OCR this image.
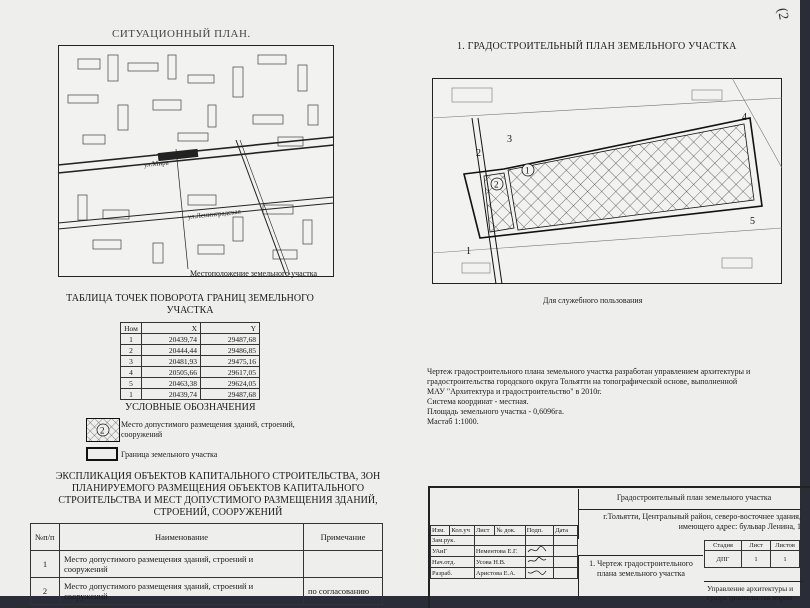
СИТУАЦИОННЫЙ ПЛАН.
ул.Мира
ул.Ленинградская
Местоположение земельного участка
1. ГРАДОСТРОИТЕЛЬНЫЙ ПЛАН ЗЕМЕЛЬНОГО УЧАСТКА
1
2
3
4
5
1
2
Для служебного пользования
ТАБЛИЦА ТОЧЕК ПОВОРОТА ГРАНИЦ ЗЕМЕЛЬНОГО УЧАСТКА
Ном	X	Y
1	20439,74	29487,68
2	20444,44	29486,85
3	20481,93	29475,16
4	20505,66	29617,05
5	20463,38	29624,05
1	20439,74	29487,68
УСЛОВНЫЕ ОБОЗНАЧЕНИЯ
2
Место допустимого размещения зданий, строений, сооружений
Граница земельного участка
Чертеж градостроительного плана земельного участка разработан управлением архитектуры и
градостроительства городского округа Тольятти на топографической основе, выполненной
МАУ "Архитектура и градостроительство" в 2010г.
Система координат - местная.
Площадь земельного участка - 0,6096га.
Мастаб 1:1000.
ЭКСПЛИКАЦИЯ ОБЪЕКТОВ КАПИТАЛЬНОГО СТРОИТЕЛЬСТВА, ЗОН ПЛАНИРУЕМОГО РАЗМЕЩЕНИЯ ОБЪЕКТОВ КАПИТАЛЬНОГО СТРОИТЕЛЬСТВА И МЕСТ ДОПУСТИМОГО РАЗМЕЩЕНИЯ ЗДАНИЙ, СТРОЕНИЙ, СООРУЖЕНИЙ
№п/п	Наименование	Примечание
1	Место допустимого размещения зданий, строений и сооружений	
2	Место допустимого размещения зданий, строений и сооружений	по согласованию
Градостроительный план земельного участка
г.Тольятти, Центральный район, северо-восточнее здания, имеющего адрес: бульвар Ленина, 1
Изм.	Кол.уч	Лист	№ док.	Подп.	Дата
Зам.рук.					
УАиГ		Нементова Е.Г.		
Нач.отд.		Усова Н.В.		
Разраб.		Аристова Е.А.		
1. Чертеж градостроительного плана земельного участка
Стадия	Лист	Листов
ДПГ	1	1
Управление архитектуры и градостроительства мэрии
(2
